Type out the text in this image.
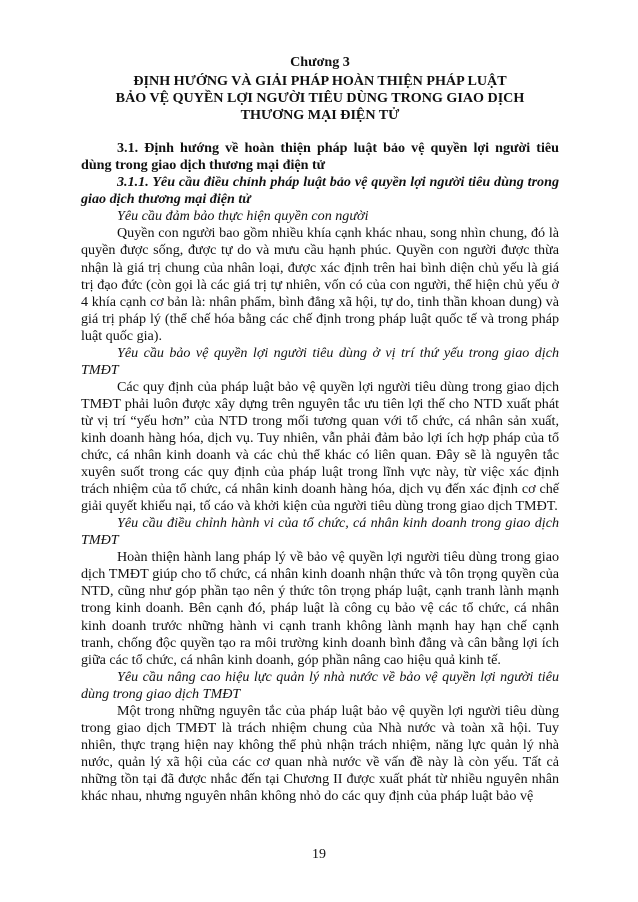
Chương 3

ĐỊNH HƯỚNG VÀ GIẢI PHÁP HOÀN THIỆN PHÁP LUẬT
BẢO VỆ QUYỀN LỢI NGƯỜI TIÊU DÙNG TRONG GIAO DỊCH
THƯƠNG MẠI ĐIỆN TỬ

3.1. Định hướng về hoàn thiện pháp luật bảo vệ quyền lợi người tiêu dùng trong giao dịch thương mại điện tử

3.1.1. Yêu cầu điều chỉnh pháp luật bảo vệ quyền lợi người tiêu dùng trong giao dịch thương mại điện tử

Yêu cầu đảm bảo thực hiện quyền con người

Quyền con người bao gồm nhiều khía cạnh khác nhau, song nhìn chung, đó là quyền được sống, được tự do và mưu cầu hạnh phúc. Quyền con người được thừa nhận là giá trị chung của nhân loại, được xác định trên hai bình diện chủ yếu là giá trị đạo đức (còn gọi là các giá trị tự nhiên, vốn có của con người, thể hiện chủ yếu ở 4 khía cạnh cơ bản là: nhân phẩm, bình đẳng xã hội, tự do, tinh thần khoan dung) và giá trị pháp lý (thể chế hóa bằng các chế định trong pháp luật quốc tế và trong pháp luật quốc gia).

Yêu cầu bảo vệ quyền lợi người tiêu dùng ở vị trí thứ yếu trong giao dịch TMĐT

Các quy định của pháp luật bảo vệ quyền lợi người tiêu dùng trong giao dịch TMĐT phải luôn được xây dựng trên nguyên tắc ưu tiên lợi thế cho NTD xuất phát từ vị trí “yếu hơn” của NTD trong mối tương quan với tổ chức, cá nhân sản xuất, kinh doanh hàng hóa, dịch vụ. Tuy nhiên, vẫn phải đảm bảo lợi ích hợp pháp của tổ chức, cá nhân kinh doanh và các chủ thể khác có liên quan. Đây sẽ là nguyên tắc xuyên suốt trong các quy định của pháp luật trong lĩnh vực này, từ việc xác định trách nhiệm của tổ chức, cá nhân kinh doanh hàng hóa, dịch vụ đến xác định cơ chế giải quyết khiếu nại, tố cáo và khởi kiện của người tiêu dùng trong giao dịch TMĐT.

Yêu cầu điều chỉnh hành vi của tổ chức, cá nhân kinh doanh trong giao dịch TMĐT

Hoàn thiện hành lang pháp lý về bảo vệ quyền lợi người tiêu dùng trong giao dịch TMĐT giúp cho tổ chức, cá nhân kinh doanh nhận thức và tôn trọng quyền của NTD, cũng như góp phần tạo nên ý thức tôn trọng pháp luật, cạnh tranh lành mạnh trong kinh doanh. Bên cạnh đó, pháp luật là công cụ bảo vệ các tổ chức, cá nhân kinh doanh trước những hành vi cạnh tranh không lành mạnh hay hạn chế cạnh tranh, chống độc quyền tạo ra môi trường kinh doanh bình đẳng và cân bằng lợi ích giữa các tổ chức, cá nhân kinh doanh, góp phần nâng cao hiệu quả kinh tế.

Yêu cầu nâng cao hiệu lực quản lý nhà nước về bảo vệ quyền lợi người tiêu dùng trong giao dịch TMĐT

Một trong những nguyên tắc của pháp luật bảo vệ quyền lợi người tiêu dùng trong giao dịch TMĐT là trách nhiệm chung của Nhà nước và toàn xã hội. Tuy nhiên, thực trạng hiện nay không thể phủ nhận trách nhiệm, năng lực quản lý nhà nước, quản lý xã hội của các cơ quan nhà nước về vấn đề này là còn yếu. Tất cả những tồn tại đã được nhắc đến tại Chương II được xuất phát từ nhiều nguyên nhân khác nhau, nhưng nguyên nhân không nhỏ do các quy định của pháp luật bảo vệ

19
